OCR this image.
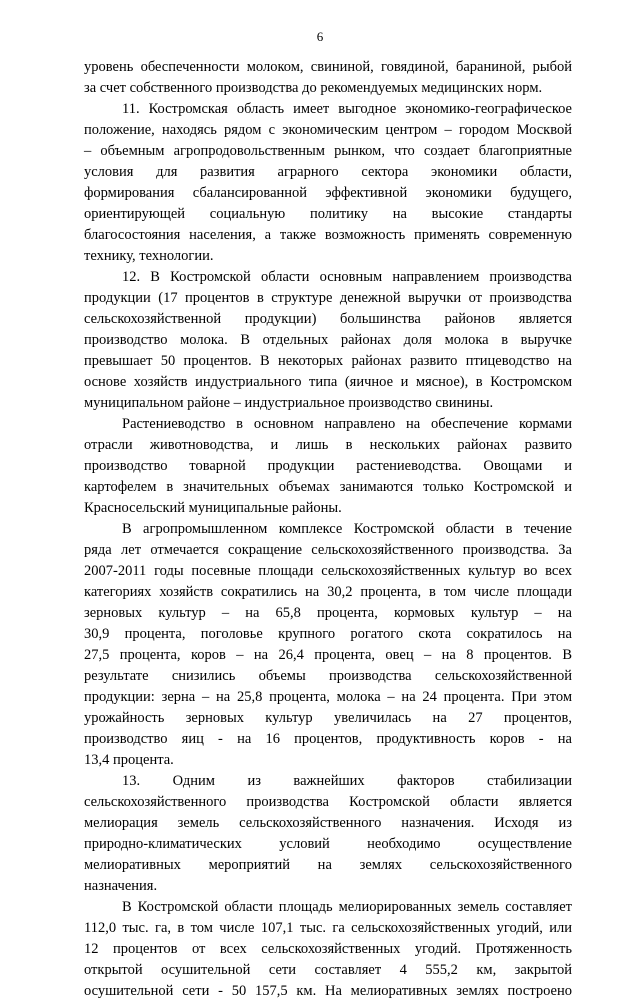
6
уровень обеспеченности молоком, свининой, говядиной, бараниной, рыбой
за счет собственного производства до рекомендуемых медицинских норм.
11. Костромская область имеет выгодное экономико-географическое
положение, находясь рядом с экономическим центром – городом Москвой
– объемным агропродовольственным рынком, что создает благоприятные
условия для развития аграрного сектора экономики области,
формирования сбалансированной эффективной экономики будущего,
ориентирующей социальную политику на высокие стандарты
благосостояния населения, а также возможность применять современную
технику, технологии.
12. В Костромской области основным направлением производства
продукции (17 процентов в структуре денежной выручки от производства
сельскохозяйственной продукции) большинства районов является
производство молока. В отдельных районах доля молока в выручке
превышает 50 процентов. В некоторых районах развито птицеводство на
основе хозяйств индустриального типа (яичное и мясное), в Костромском
муниципальном районе – индустриальное производство свинины.
Растениеводство в основном направлено на обеспечение кормами
отрасли животноводства, и лишь в нескольких районах развито
производство товарной продукции растениеводства. Овощами и
картофелем в значительных объемах занимаются только Костромской и
Красносельский муниципальные районы.
В агропромышленном комплексе Костромской области в течение
ряда лет отмечается сокращение сельскохозяйственного производства. За
2007-2011 годы посевные площади сельскохозяйственных культур во всех
категориях хозяйств сократились на 30,2 процента, в том числе площади
зерновых культур – на 65,8 процента, кормовых культур – на
30,9 процента, поголовье крупного рогатого скота сократилось на
27,5 процента, коров – на 26,4 процента, овец – на 8 процентов. В
результате снизились объемы производства сельскохозяйственной
продукции: зерна – на 25,8 процента, молока – на 24 процента. При этом
урожайность зерновых культур увеличилась на 27 процентов,
производство яиц - на 16 процентов, продуктивность коров - на
13,4 процента.
13. Одним из важнейших факторов стабилизации
сельскохозяйственного производства Костромской области является
мелиорация земель сельскохозяйственного назначения. Исходя из
природно-климатических условий необходимо осуществление
мелиоративных мероприятий на землях сельскохозяйственного
назначения.
В Костромской области площадь мелиорированных земель составляет
112,0 тыс. га, в том числе 107,1 тыс. га сельскохозяйственных угодий, или
12 процентов от всех сельскохозяйственных угодий. Протяженность
открытой осушительной сети составляет 4 555,2 км, закрытой
осушительной сети - 50 157,5 км. На мелиоративных землях построено
